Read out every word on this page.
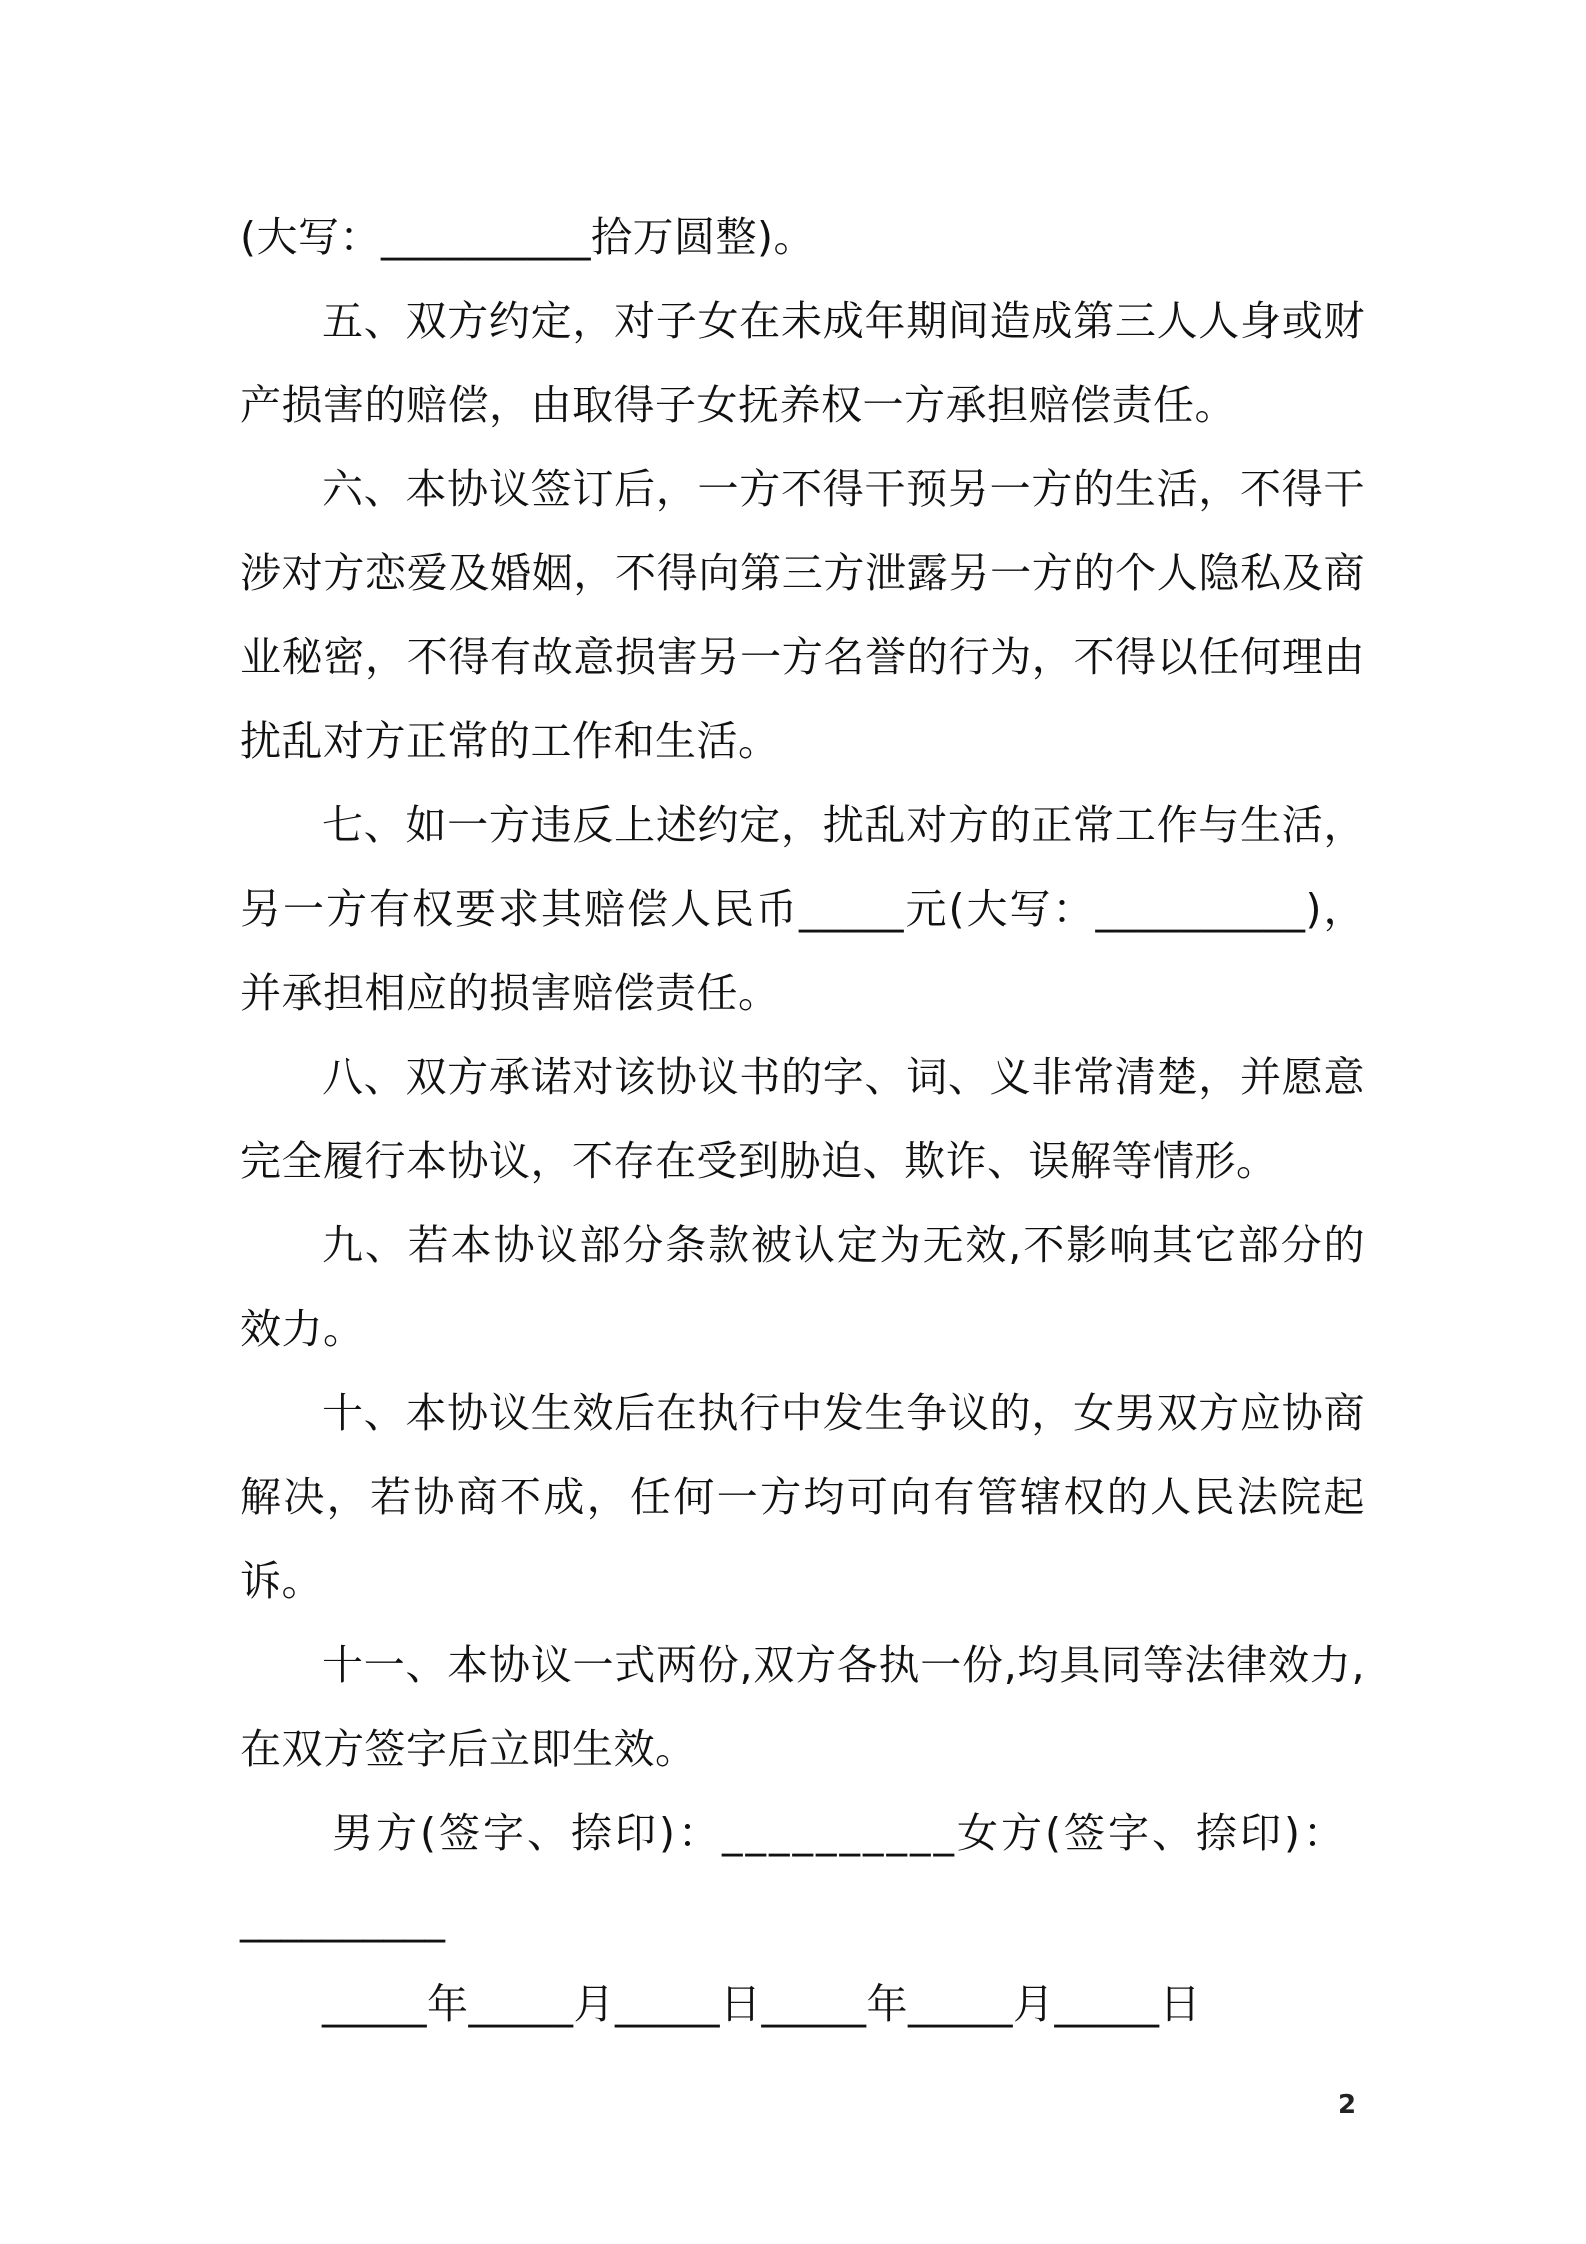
(大写：__________拾万圆整)。

五、双方约定，对子女在未成年期间造成第三人人身或财产损害的赔偿，由取得子女抚养权一方承担赔偿责任。

六、本协议签订后，一方不得干预另一方的生活，不得干涉对方恋爱及婚姻，不得向第三方泄露另一方的个人隐私及商业秘密，不得有故意损害另一方名誉的行为，不得以任何理由扰乱对方正常的工作和生活。

七、如一方违反上述约定，扰乱对方的正常工作与生活，另一方有权要求其赔偿人民币_____元(大写：__________)，并承担相应的损害赔偿责任。

八、双方承诺对该协议书的字、词、义非常清楚，并愿意完全履行本协议，不存在受到胁迫、欺诈、误解等情形。

九、若本协议部分条款被认定为无效,不影响其它部分的效力。

十、本协议生效后在执行中发生争议的，女男双方应协商解决，若协商不成，任何一方均可向有管辖权的人民法院起诉。

十一、本协议一式两份,双方各执一份,均具同等法律效力,在双方签字后立即生效。

男方(签字、捺印)：__________女方(签字、捺印)：

__________

_____年_____月_____日_____年_____月_____日

2
